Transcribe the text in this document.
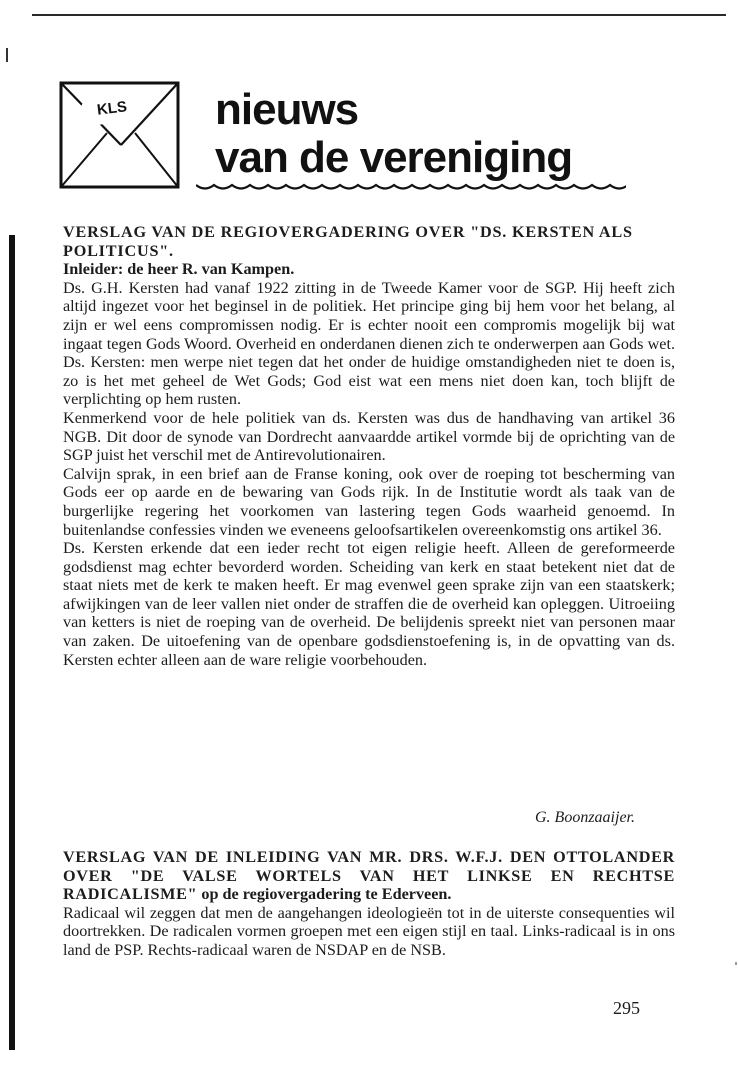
KLS	nieuws
van de vereniging

VERSLAG VAN DE REGIOVERGADERING OVER "DS. KERSTEN ALS POLITICUS".

Inleider: de heer R. van Kampen.

Ds. G.H. Kersten had vanaf 1922 zitting in de Tweede Kamer voor de SGP. Hij heeft zich altijd ingezet voor het beginsel in de politiek. Het principe ging bij hem voor het belang, al zijn er wel eens compromissen nodig. Er is echter nooit een compromis mogelijk bij wat ingaat tegen Gods Woord. Overheid en onderdanen dienen zich te onderwerpen aan Gods wet. Ds. Kersten: men werpe niet tegen dat het onder de huidige omstandigheden niet te doen is, zo is het met geheel de Wet Gods; God eist wat een mens niet doen kan, toch blijft de verplichting op hem rusten.

Kenmerkend voor de hele politiek van ds. Kersten was dus de handhaving van artikel 36 NGB. Dit door de synode van Dordrecht aanvaardde artikel vormde bij de oprichting van de SGP juist het verschil met de Antirevolutionairen.

Calvijn sprak, in een brief aan de Franse koning, ook over de roeping tot bescherming van Gods eer op aarde en de bewaring van Gods rijk. In de Institutie wordt als taak van de burgerlijke regering het voorkomen van lastering tegen Gods waarheid genoemd. In buitenlandse confessies vinden we eveneens geloofsartikelen overeenkomstig ons artikel 36.

Ds. Kersten erkende dat een ieder recht tot eigen religie heeft. Alleen de gereformeerde godsdienst mag echter bevorderd worden. Scheiding van kerk en staat betekent niet dat de staat niets met de kerk te maken heeft. Er mag evenwel geen sprake zijn van een staatskerk; afwijkingen van de leer vallen niet onder de straffen die de overheid kan opleggen. Uitroeiing van ketters is niet de roeping van de overheid. De belijdenis spreekt niet van personen maar van zaken. De uitoefening van de openbare godsdienstoefening is, in de opvatting van ds. Kersten echter alleen aan de ware religie voorbehouden.

G. Boonzaaijer.

VERSLAG VAN DE INLEIDING VAN MR. DRS. W.F.J. DEN OTTOLANDER OVER "DE VALSE WORTELS VAN HET LINKSE EN RECHTSE RADICALISME" op de regiovergadering te Ederveen.

Radicaal wil zeggen dat men de aangehangen ideologieën tot in de uiterste consequenties wil doortrekken. De radicalen vormen groepen met een eigen stijl en taal. Links-radicaal is in ons land de PSP. Rechts-radicaal waren de NSDAP en de NSB.

295
